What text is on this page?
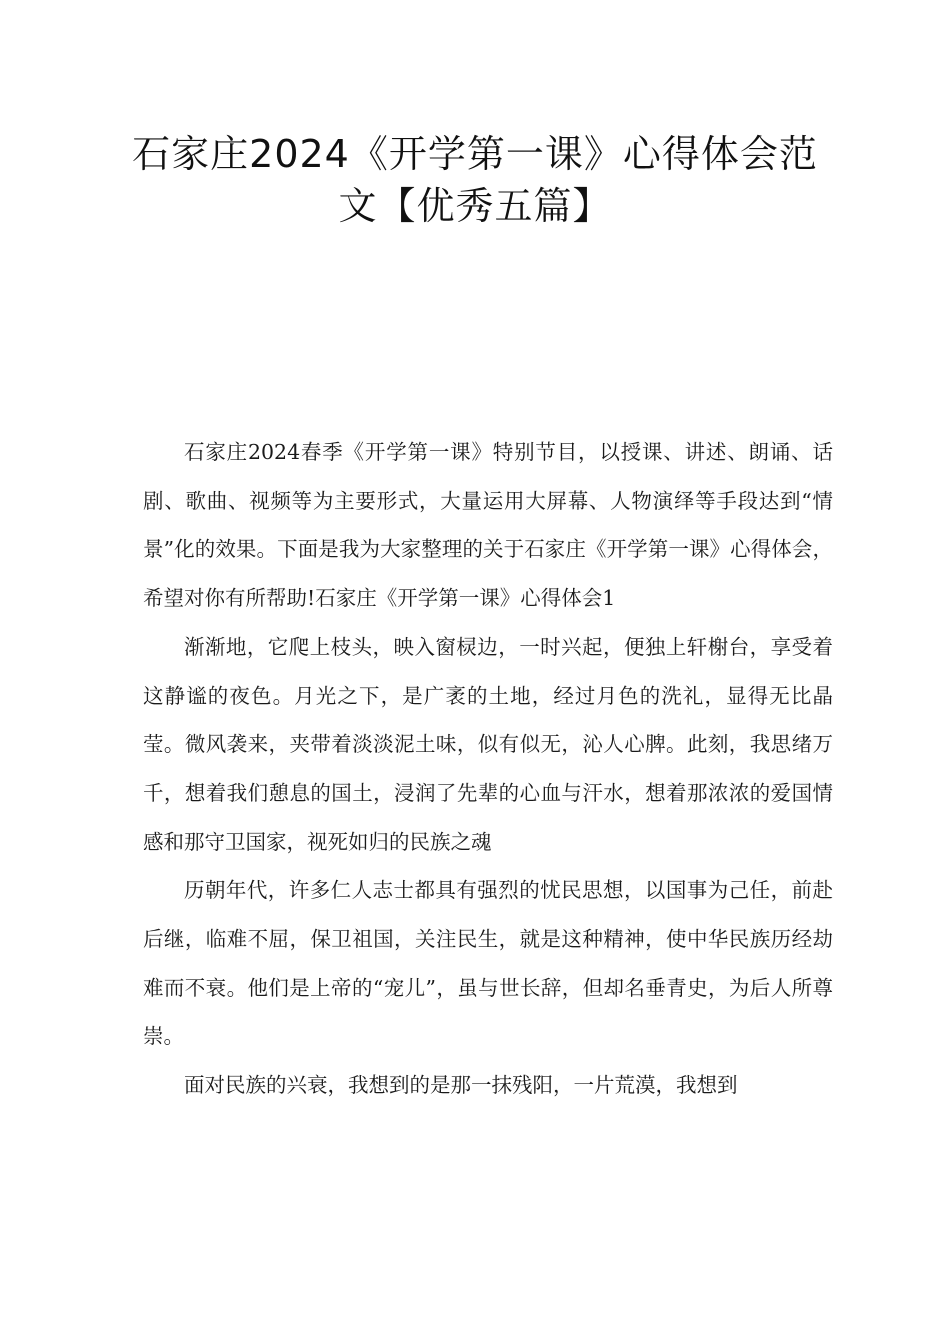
石家庄2024《开学第一课》心得体会范
文【优秀五篇】

石家庄2024春季《开学第一课》特别节目，以授课、讲述、朗诵、话剧、歌曲、视频等为主要形式，大量运用大屏幕、人物演绎等手段达到“情景”化的效果。下面是我为大家整理的关于石家庄《开学第一课》心得体会，希望对你有所帮助!石家庄《开学第一课》心得体会1

渐渐地，它爬上枝头，映入窗棂边，一时兴起，便独上轩榭台，享受着这静谧的夜色。月光之下，是广袤的土地，经过月色的洗礼，显得无比晶莹。微风袭来，夹带着淡淡泥土味，似有似无，沁人心脾。此刻，我思绪万千，想着我们憩息的国土，浸润了先辈的心血与汗水，想着那浓浓的爱国情感和那守卫国家，视死如归的民族之魂

历朝年代，许多仁人志士都具有强烈的忧民思想，以国事为己任，前赴后继，临难不屈，保卫祖国，关注民生，就是这种精神，使中华民族历经劫难而不衰。他们是上帝的“宠儿”，虽与世长辞，但却名垂青史，为后人所尊崇。

面对民族的兴衰，我想到的是那一抹残阳，一片荒漠，我想到
